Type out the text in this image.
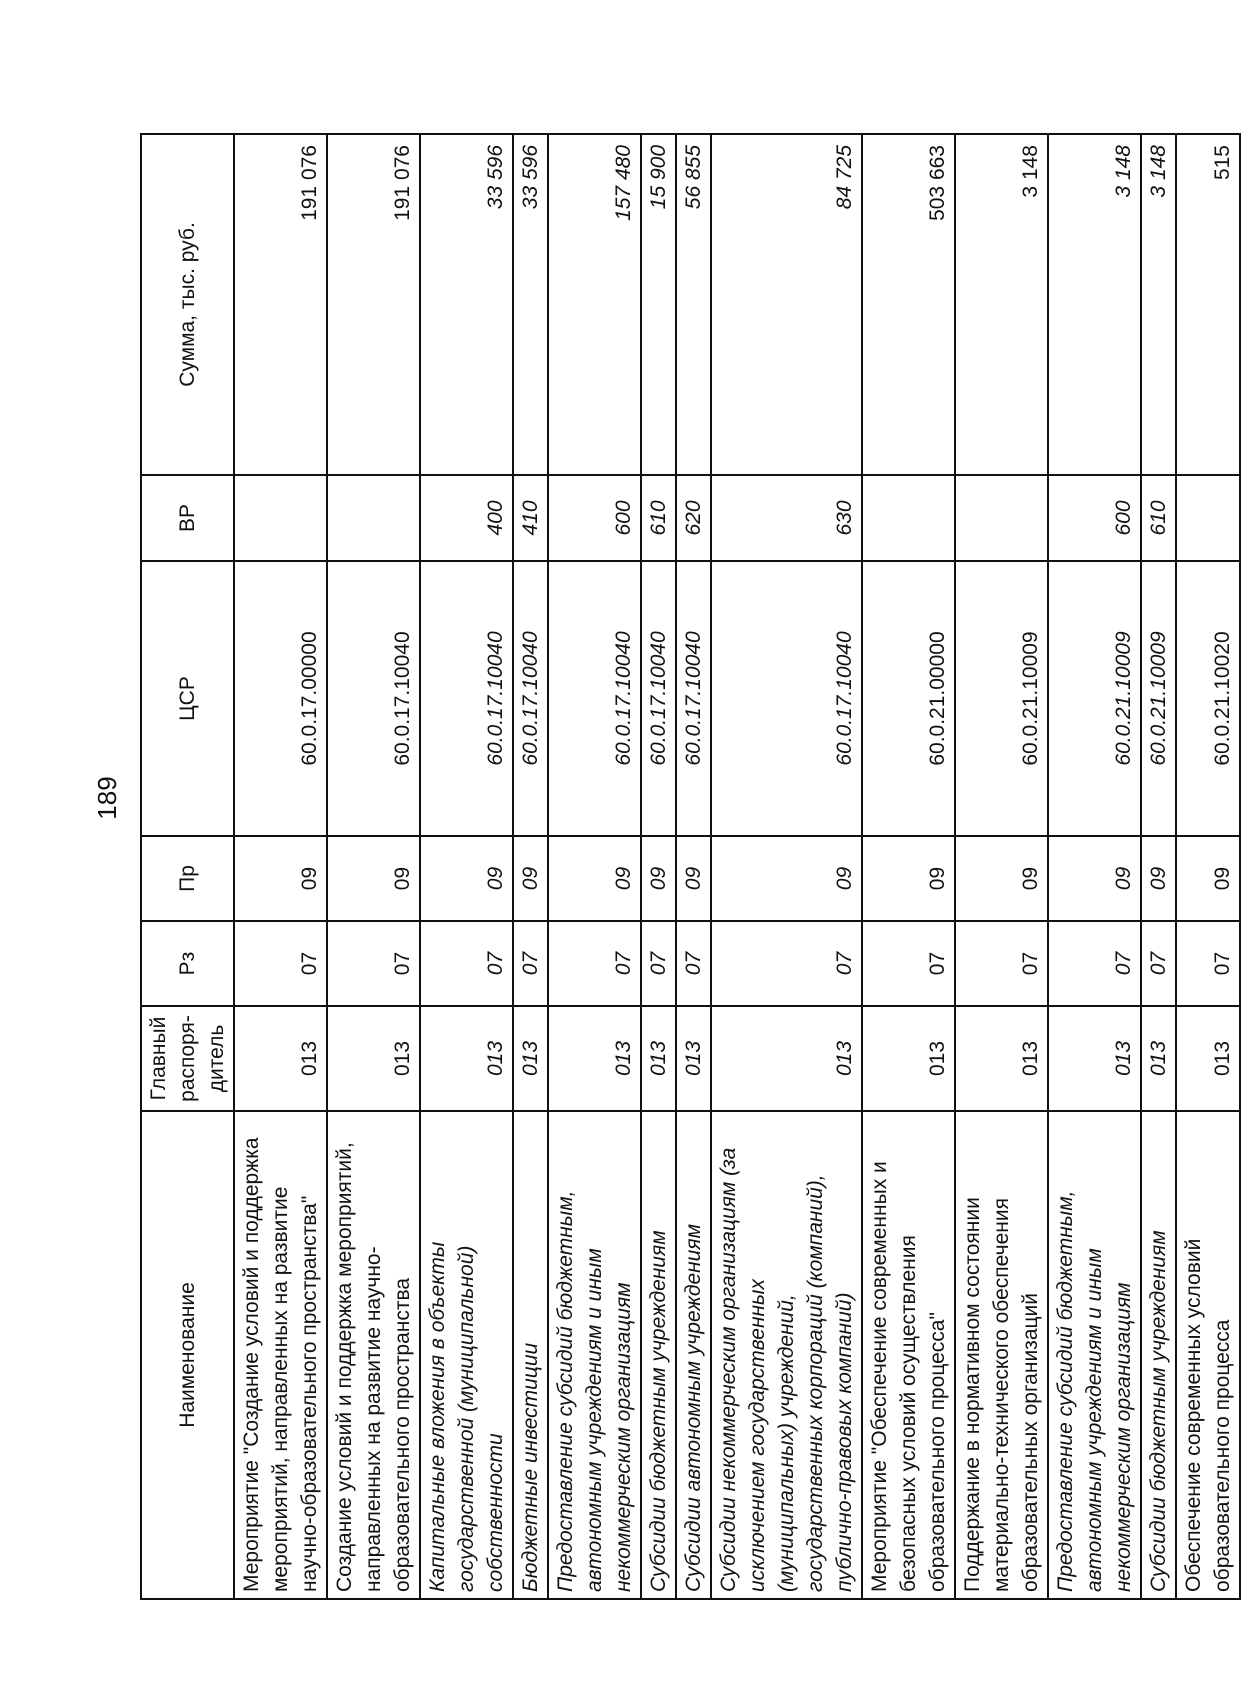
189
Наименование	Главный распоря- дитель	Рз	Пр	ЦСР	ВР	Сумма, тыс. руб.
Мероприятие "Создание условий и поддержка мероприятий, направленных на развитие научно-образовательного пространства"	013	07	09	60.0.17.00000		191 076
Создание условий и поддержка мероприятий, направленных на развитие научно-образовательного пространства	013	07	09	60.0.17.10040		191 076
Капитальные вложения в объекты государственной (муниципальной) собственности	013	07	09	60.0.17.10040	400	33 596
Бюджетные инвестиции	013	07	09	60.0.17.10040	410	33 596
Предоставление субсидий бюджетным, автономным учреждениям и иным некоммерческим организациям	013	07	09	60.0.17.10040	600	157 480
Субсидии бюджетным учреждениям	013	07	09	60.0.17.10040	610	15 900
Субсидии автономным учреждениям	013	07	09	60.0.17.10040	620	56 855
Субсидии некоммерческим организациям (за исключением государственных (муниципальных) учреждений, государственных корпораций (компаний), публично-правовых компаний)	013	07	09	60.0.17.10040	630	84 725
Мероприятие "Обеспечение современных и безопасных условий осуществления образовательного процесса"	013	07	09	60.0.21.00000		503 663
Поддержание в нормативном состоянии материально-технического обеспечения образовательных организаций	013	07	09	60.0.21.10009		3 148
Предоставление субсидий бюджетным, автономным учреждениям и иным некоммерческим организациям	013	07	09	60.0.21.10009	600	3 148
Субсидии бюджетным учреждениям	013	07	09	60.0.21.10009	610	3 148
Обеспечение современных условий образовательного процесса	013	07	09	60.0.21.10020		515
